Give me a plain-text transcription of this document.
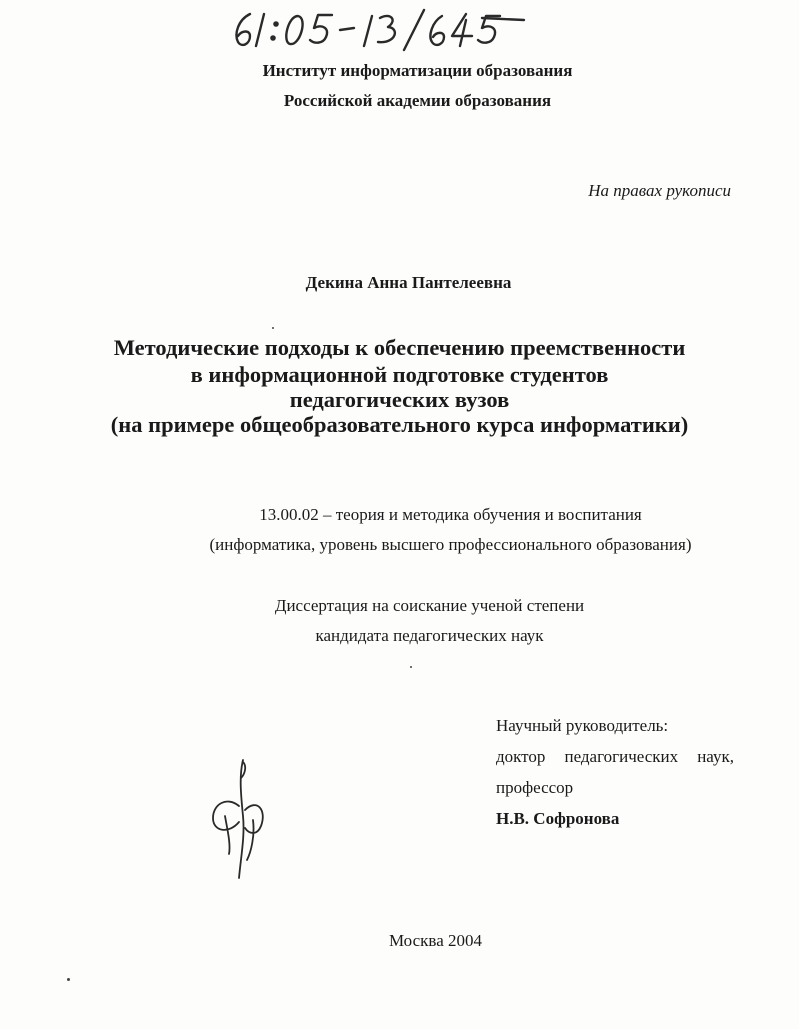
Институт информатизации образования
Российской академии образования
На правах рукописи
Декина Анна Пантелеевна
Методические подходы к обеспечению преемственности
в информационной подготовке студентов
педагогических вузов
(на примере общеобразовательного курса информатики)
13.00.02 – теория и методика обучения и воспитания
(информатика, уровень высшего профессионального образования)
Диссертация на соискание ученой степени
кандидата педагогических наук
Научный руководитель:
доктор педагогических наук,
профессор
Н.В. Софронова
Москва 2004
